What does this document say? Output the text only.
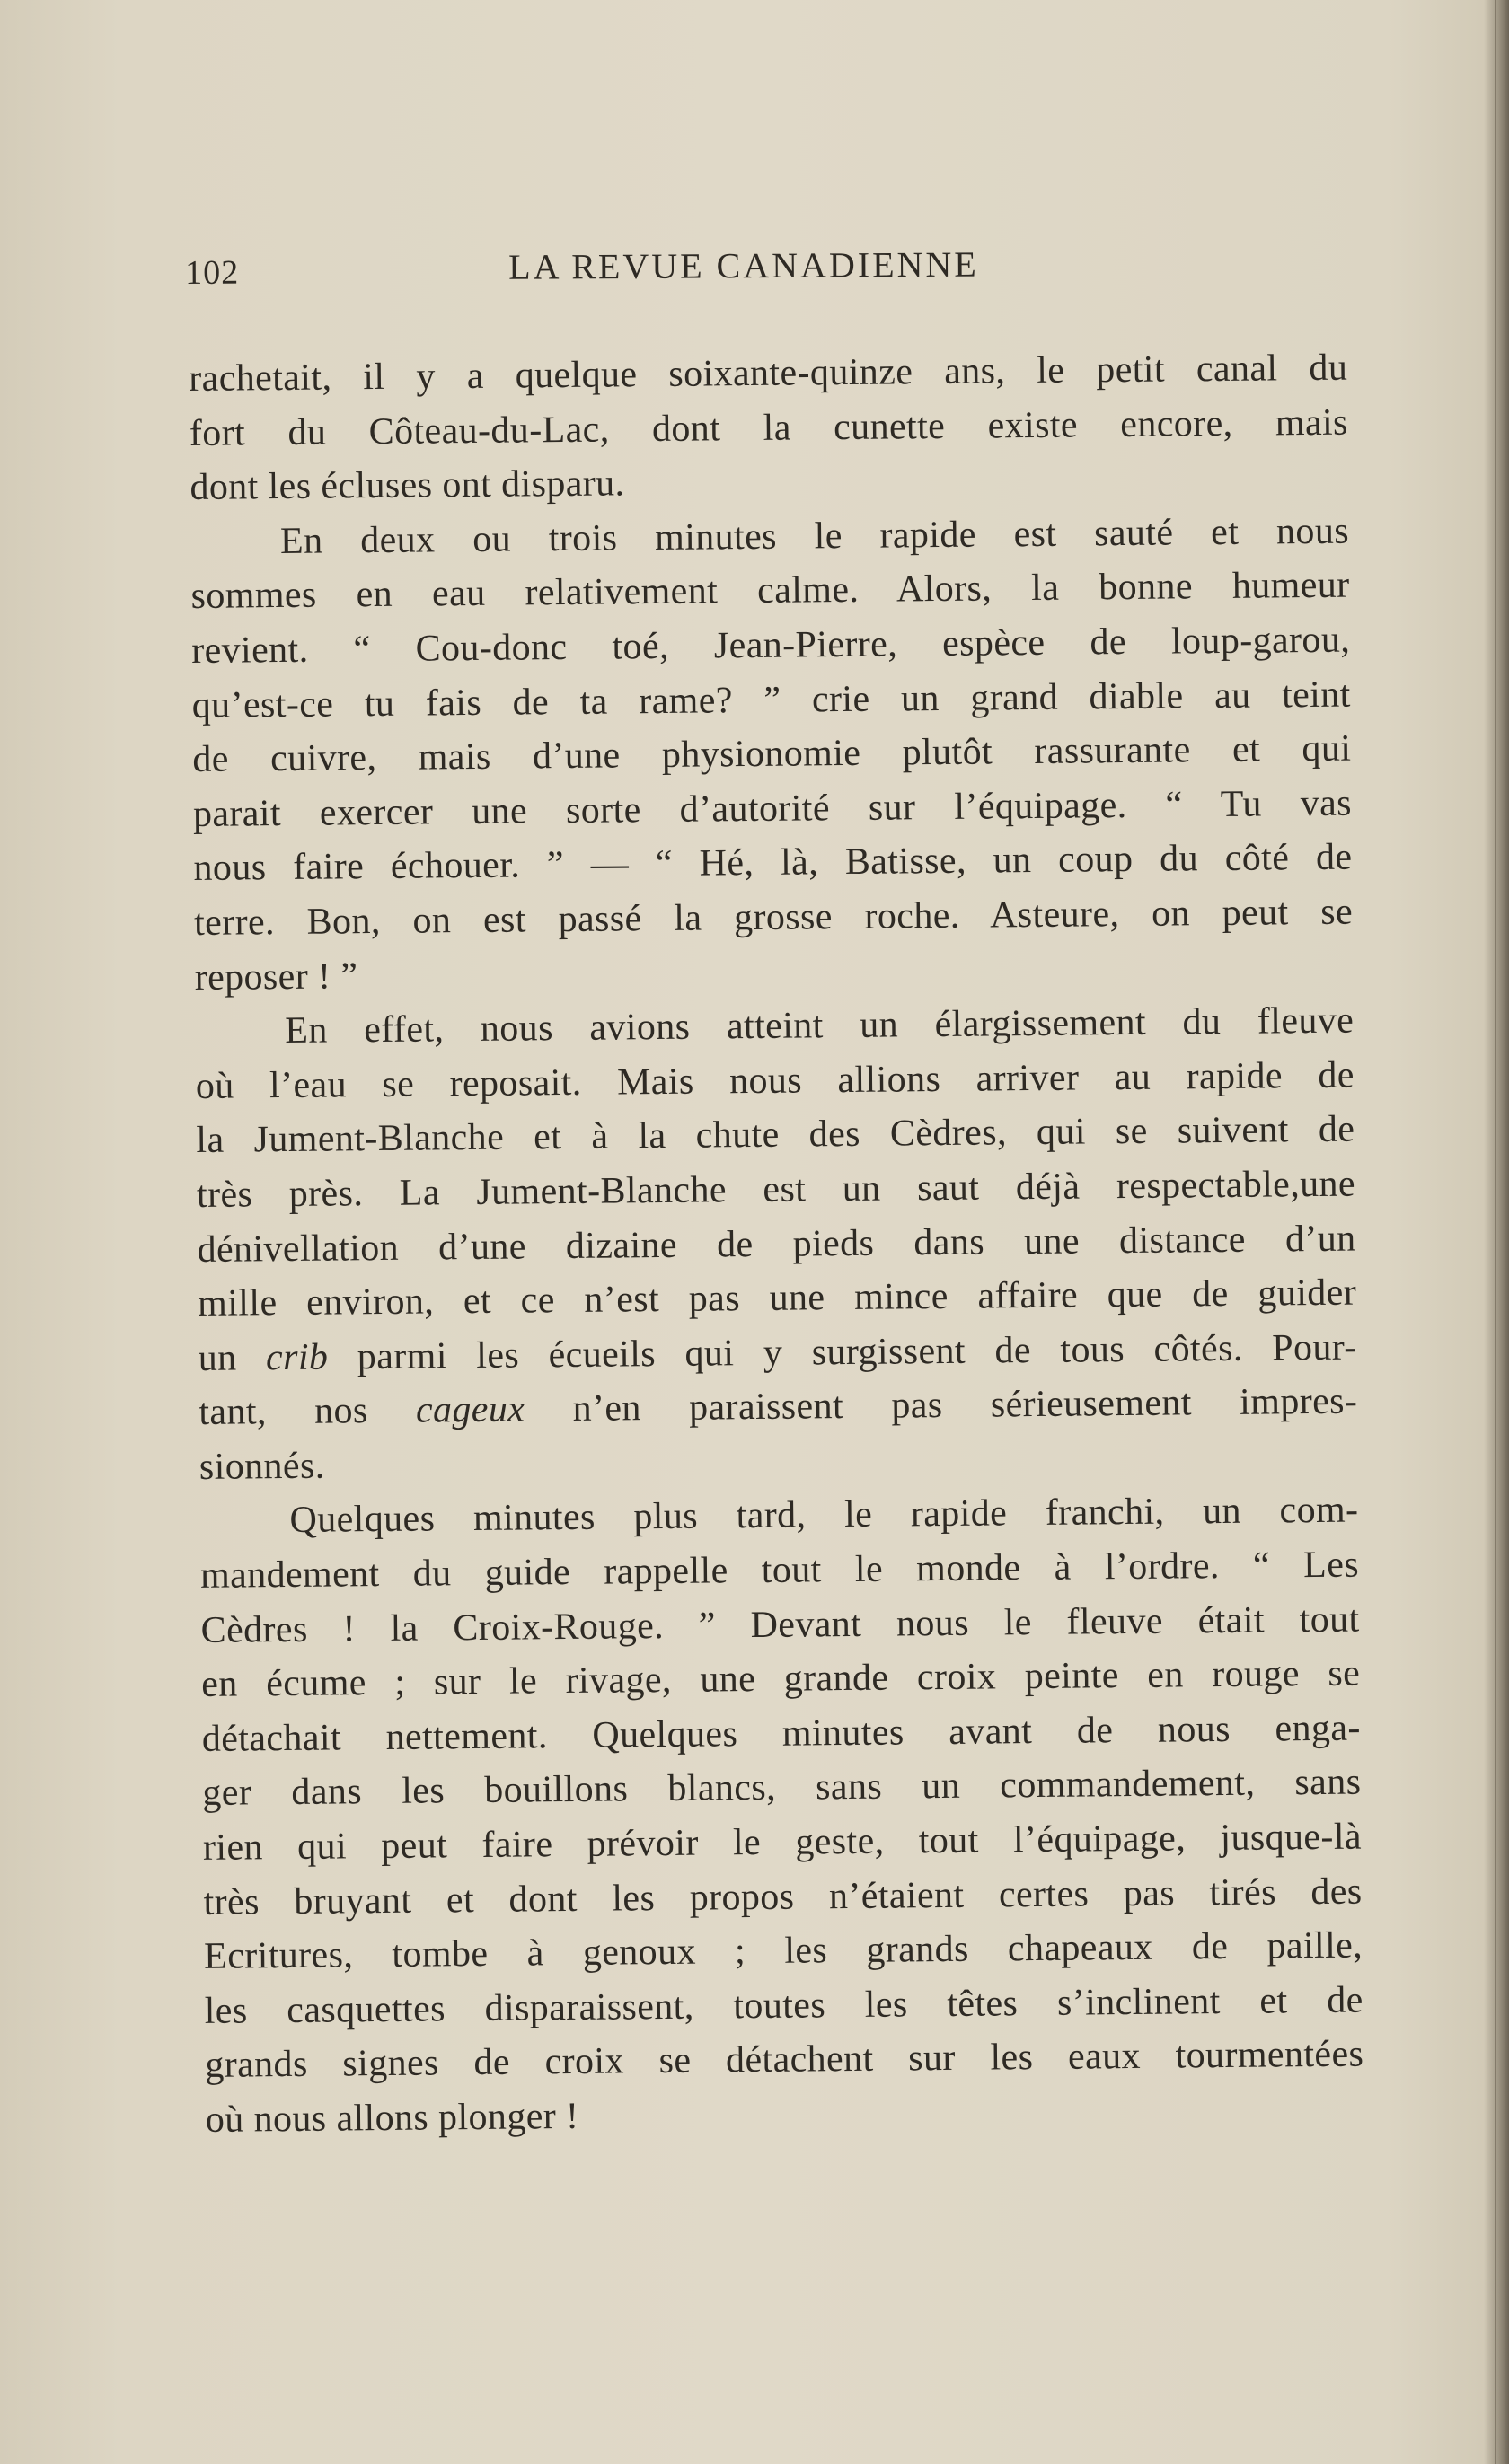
102	LA REVUE CANADIENNE
rachetait, il y a quelque soixante-quinze ans, le petit canal du
fort du Côteau-du-Lac, dont la cunette existe encore, mais
dont les écluses ont disparu.
En deux ou trois minutes le rapide est sauté et nous
sommes en eau relativement calme. Alors, la bonne humeur
revient. “ Cou-donc toé, Jean-Pierre, espèce de loup-garou,
qu’est-ce tu fais de ta rame? ” crie un grand diable au teint
de cuivre, mais d’une physionomie plutôt rassurante et qui
parait exercer une sorte d’autorité sur l’équipage. “ Tu vas
nous faire échouer. ” — “ Hé, là, Batisse, un coup du côté de
terre. Bon, on est passé la grosse roche. Asteure, on peut se
reposer ! ”
En effet, nous avions atteint un élargissement du fleuve
où l’eau se reposait. Mais nous allions arriver au rapide de
la Jument-Blanche et à la chute des Cèdres, qui se suivent de
très près. La Jument-Blanche est un saut déjà respectable,une
dénivellation d’une dizaine de pieds dans une distance d’un
mille environ, et ce n’est pas une mince affaire que de guider
un crib parmi les écueils qui y surgissent de tous côtés. Pour-
tant, nos cageux n’en paraissent pas sérieusement impres-
sionnés.
Quelques minutes plus tard, le rapide franchi, un com-
mandement du guide rappelle tout le monde à l’ordre. “ Les
Cèdres ! la Croix-Rouge. ” Devant nous le fleuve était tout
en écume ; sur le rivage, une grande croix peinte en rouge se
détachait nettement. Quelques minutes avant de nous enga-
ger dans les bouillons blancs, sans un commandement, sans
rien qui peut faire prévoir le geste, tout l’équipage, jusque-là
très bruyant et dont les propos n’étaient certes pas tirés des
Ecritures, tombe à genoux ; les grands chapeaux de paille,
les casquettes disparaissent, toutes les têtes s’inclinent et de
grands signes de croix se détachent sur les eaux tourmentées
où nous allons plonger !
